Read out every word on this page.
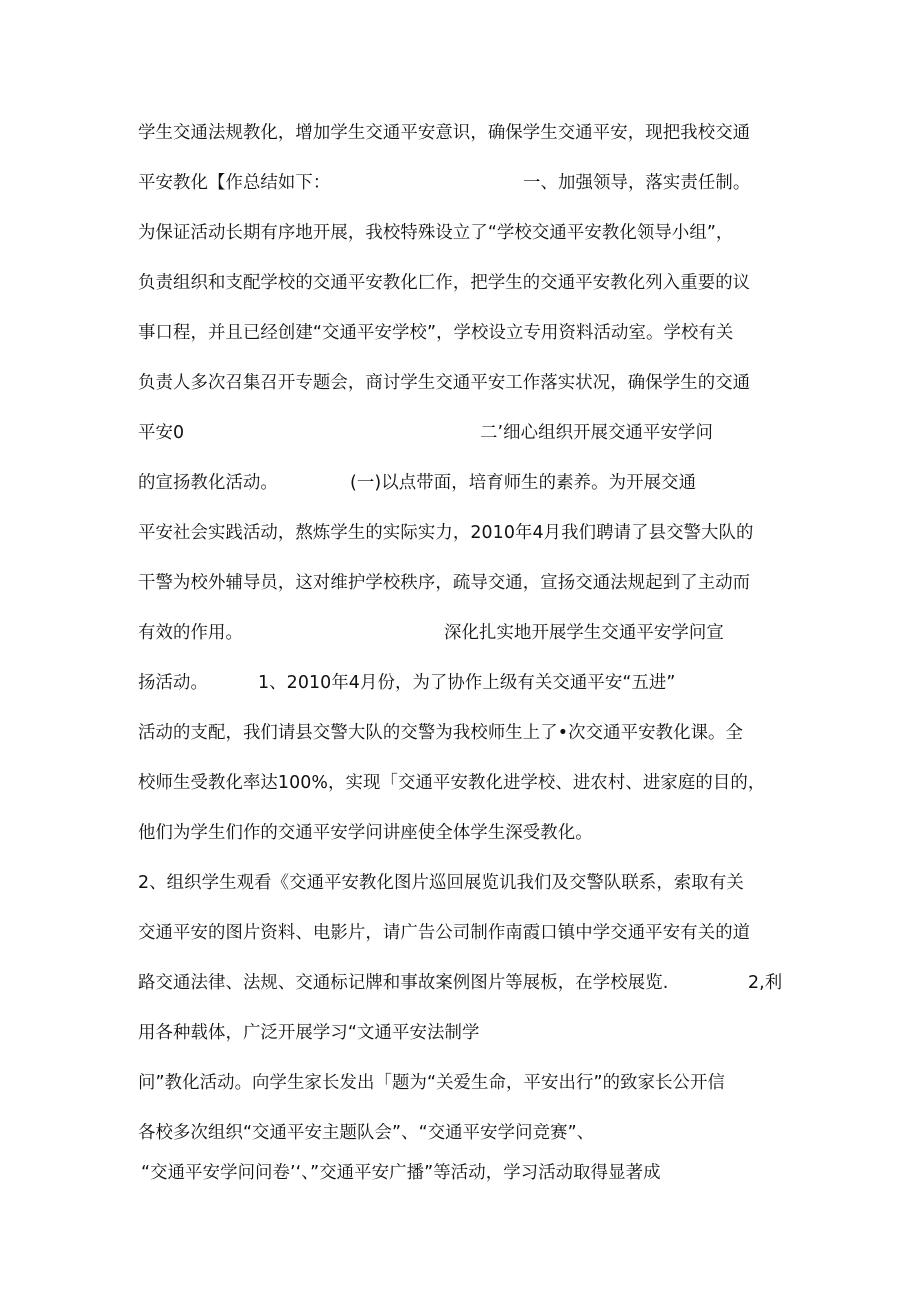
学生交通法规教化，增加学生交通平安意识，确保学生交通平安，现把我校交通
平安教化【作总结如下：	一、加强领导，落实责任制。
为保证活动长期有序地开展，我校特殊设立了“学校交通平安教化领导小组”，
负责组织和支配学校的交通平安教化匚作，把学生的交通平安教化列入重要的议
事口程，并且已经创建“交通平安学校”，学校设立专用资料活动室。学校有关
负责人多次召集召开专题会，商讨学生交通平安工作落实状况，确保学生的交通
平安0	二’细心组织开展交通平安学问
的宣扬教化活动。	(一)以点带面，培育师生的素养。为开展交通
平安社会实践活动，熬炼学生的实际实力，2010年4月我们聘请了县交警大队的
干警为校外辅导员，这对维护学校秩序，疏导交通，宣扬交通法规起到了主动而
有效的作用。	深化扎实地开展学生交通平安学问宣
扬活动。	1、2010年4月份，为了协作上级有关交通平安“五进”
活动的支配，我们请县交警大队的交警为我校师生上了•次交通平安教化课。全
校师生受教化率达100%，实现「交通平安教化进学校、进农村、进家庭的目的，
他们为学生们作的交通平安学问讲座使全体学生深受教化。
2、组织学生观看《交通平安教化图片巡回展览讥我们及交警队联系，索取有关
交通平安的图片资料、电影片，请广告公司制作南霞口镇中学交通平安有关的道
路交通法律、法规、交通标记牌和事故案例图片等展板，在学校展览.	2,利
用各种载体，广泛开展学习“文通平安法制学
问”教化活动。向学生家长发出「题为“关爱生命，平安出行”的致家长公开信
各校多次组织“交通平安主题队会”、“交通平安学问竞赛”、
“交通平安学问问卷’‘、”交通平安广播”等活动，学习活动取得显著成
